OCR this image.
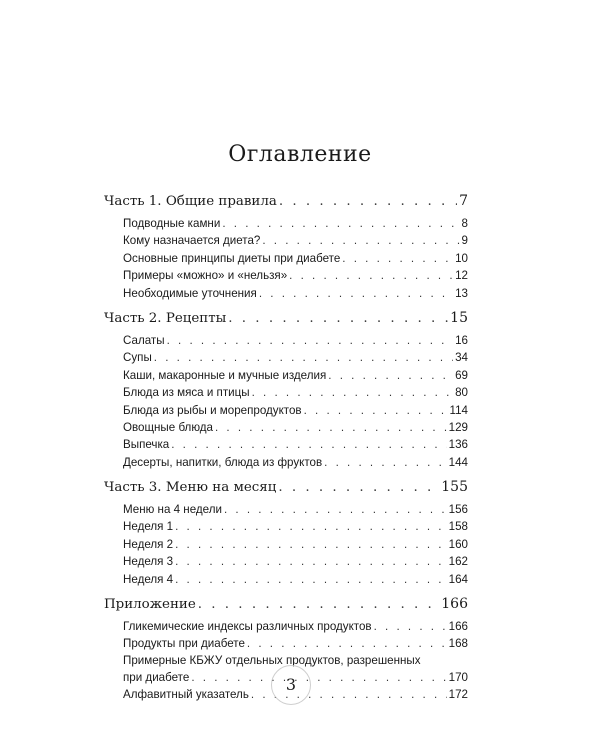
Оглавление
Часть 1. Общие правила . . .	7
Подводные камни . . .	8
Кому назначается диета? . . .	9
Основные принципы диеты при диабете . . .	10
Примеры «можно» и «нельзя» . . .	12
Необходимые уточнения . . .	13
Часть 2. Рецепты . . .	15
Салаты . . .	16
Супы . . .	34
Каши, макаронные и мучные изделия . . .	69
Блюда из мяса и птицы . . .	80
Блюда из рыбы и морепродуктов . . .	114
Овощные блюда . . .	129
Выпечка . . .	136
Десерты, напитки, блюда из фруктов . . .	144
Часть 3. Меню на месяц . . .	155
Меню на 4 недели . . .	156
Неделя 1 . . .	158
Неделя 2 . . .	160
Неделя 3 . . .	162
Неделя 4 . . .	164
Приложение . . .	166
Гликемические индексы различных продуктов . . .	166
Продукты при диабете . . .	168
Примерные КБЖУ отдельных продуктов, разрешенных
при диабете . . .	170
Алфавитный указатель . . .	172
3
